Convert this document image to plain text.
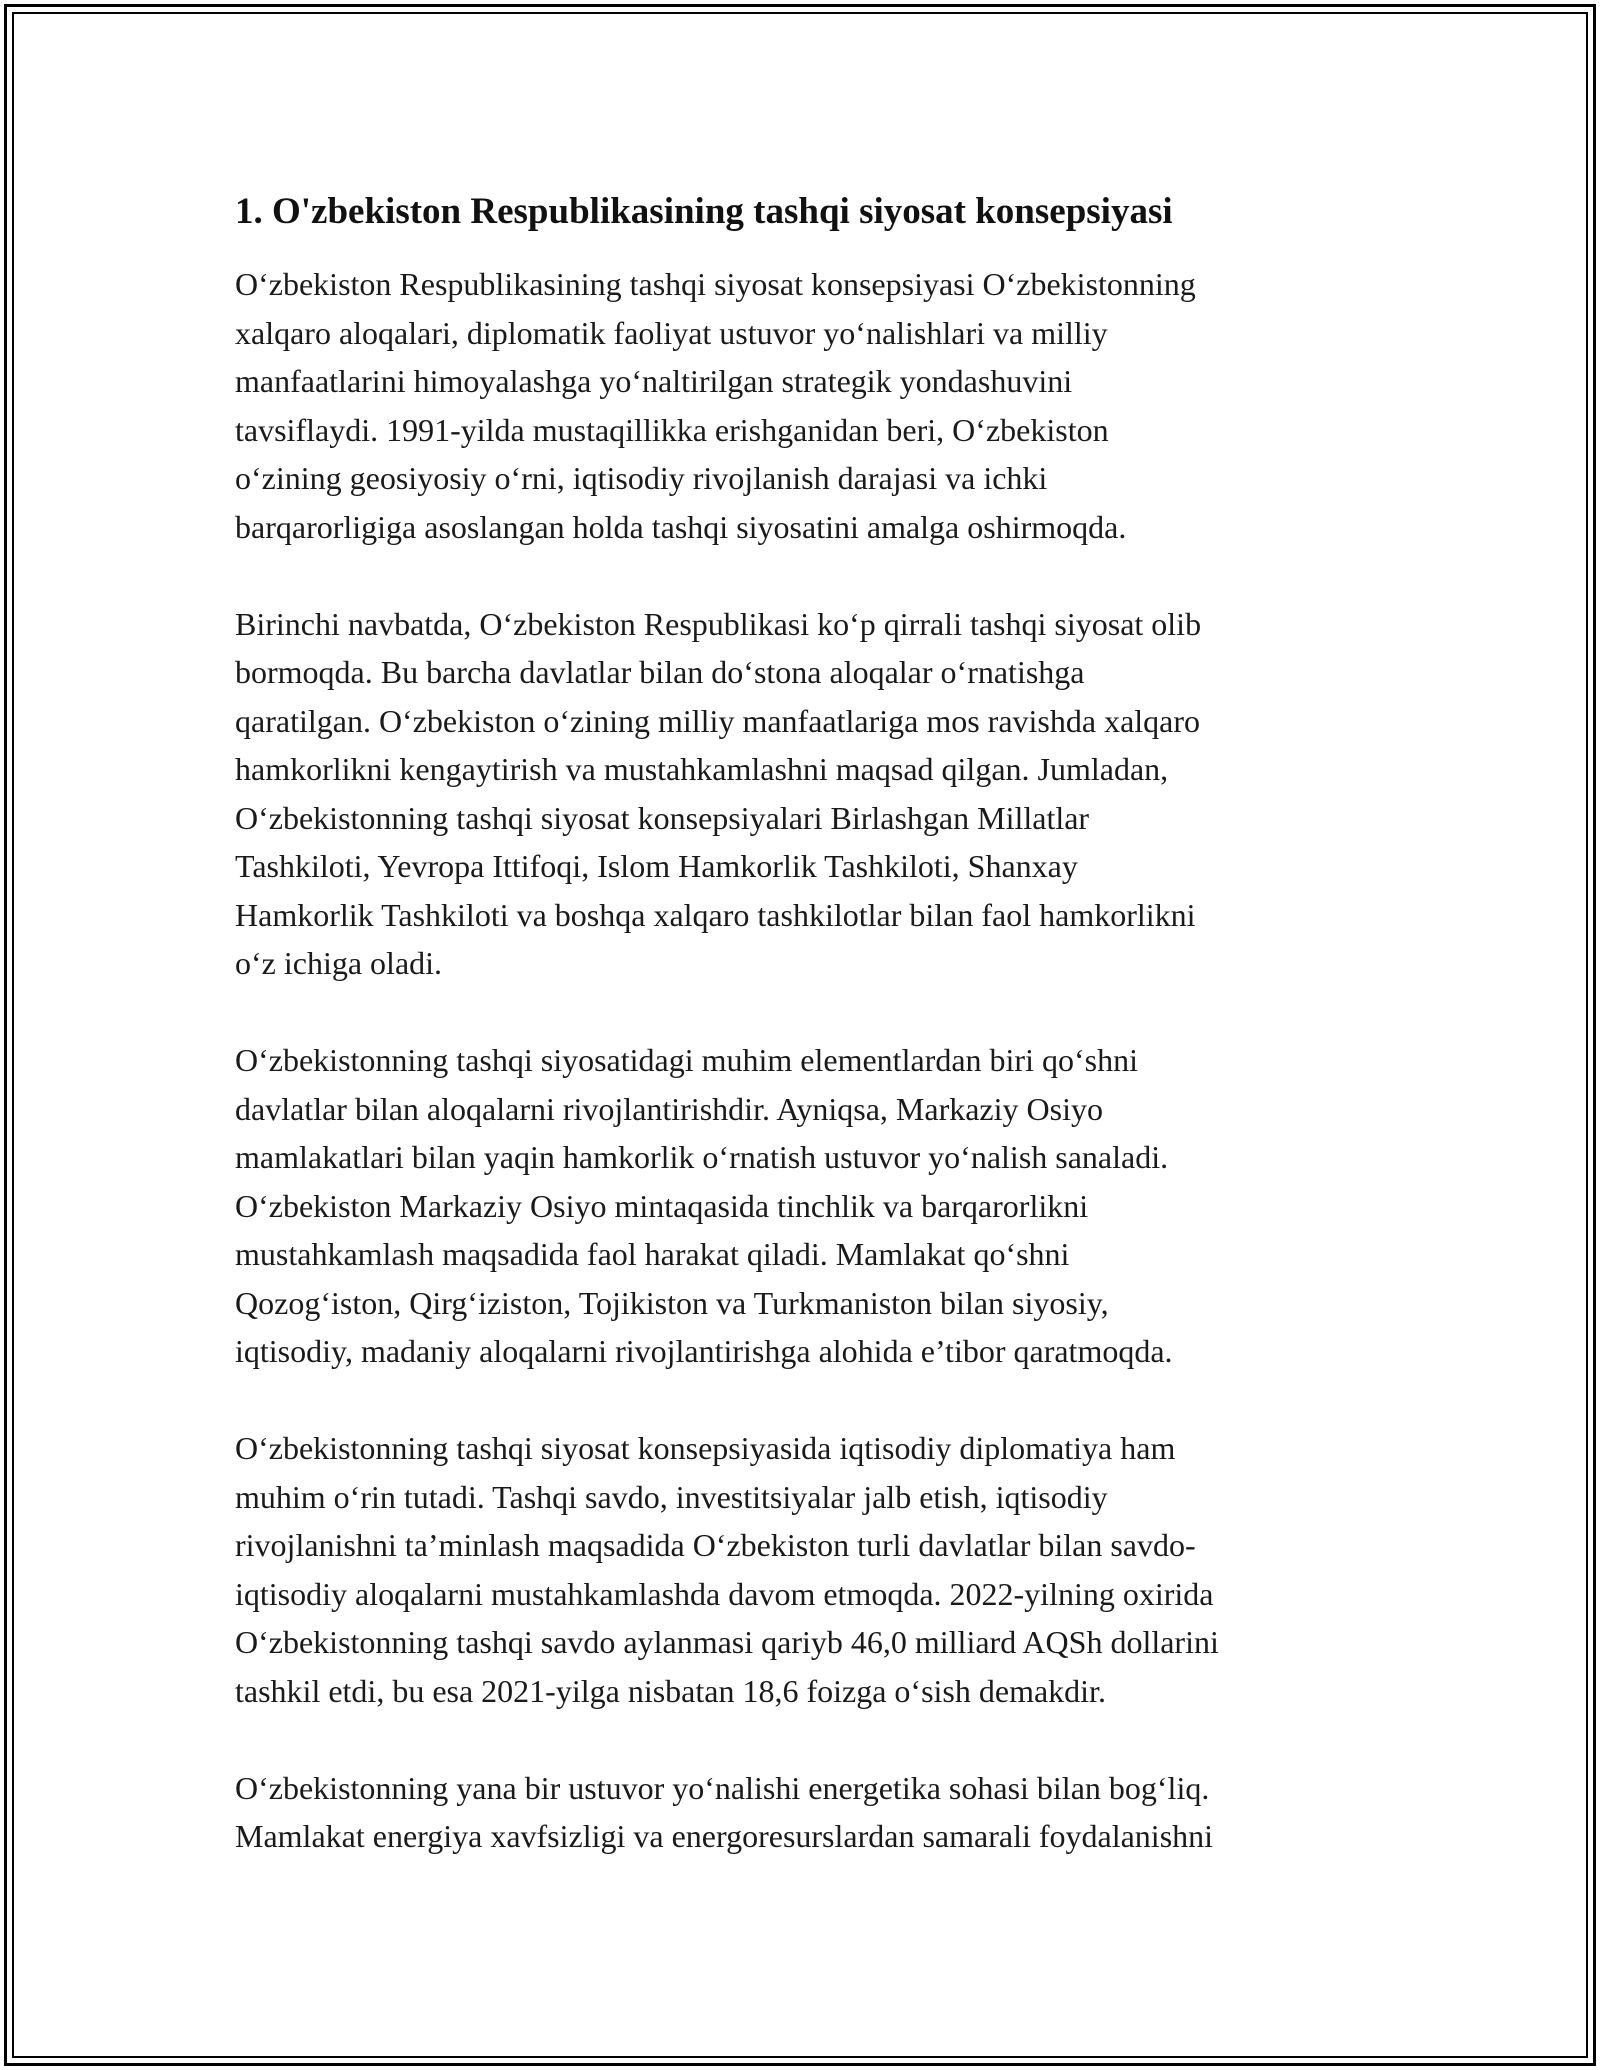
1. O'zbekiston Respublikasining tashqi siyosat konsepsiyasi

O‘zbekiston Respublikasining tashqi siyosat konsepsiyasi O‘zbekistonning
xalqaro aloqalari, diplomatik faoliyat ustuvor yo‘nalishlari va milliy
manfaatlarini himoyalashga yo‘naltirilgan strategik yondashuvini
tavsiflaydi. 1991-yilda mustaqillikka erishganidan beri, O‘zbekiston
o‘zining geosiyosiy o‘rni, iqtisodiy rivojlanish darajasi va ichki
barqarorligiga asoslangan holda tashqi siyosatini amalga oshirmoqda.

Birinchi navbatda, O‘zbekiston Respublikasi ko‘p qirrali tashqi siyosat olib
bormoqda. Bu barcha davlatlar bilan do‘stona aloqalar o‘rnatishga
qaratilgan. O‘zbekiston o‘zining milliy manfaatlariga mos ravishda xalqaro
hamkorlikni kengaytirish va mustahkamlashni maqsad qilgan. Jumladan,
O‘zbekistonning tashqi siyosat konsepsiyalari Birlashgan Millatlar
Tashkiloti, Yevropa Ittifoqi, Islom Hamkorlik Tashkiloti, Shanxay
Hamkorlik Tashkiloti va boshqa xalqaro tashkilotlar bilan faol hamkorlikni
o‘z ichiga oladi.

O‘zbekistonning tashqi siyosatidagi muhim elementlardan biri qo‘shni
davlatlar bilan aloqalarni rivojlantirishdir. Ayniqsa, Markaziy Osiyo
mamlakatlari bilan yaqin hamkorlik o‘rnatish ustuvor yo‘nalish sanaladi.
O‘zbekiston Markaziy Osiyo mintaqasida tinchlik va barqarorlikni
mustahkamlash maqsadida faol harakat qiladi. Mamlakat qo‘shni
Qozog‘iston, Qirg‘iziston, Tojikiston va Turkmaniston bilan siyosiy,
iqtisodiy, madaniy aloqalarni rivojlantirishga alohida e’tibor qaratmoqda.

O‘zbekistonning tashqi siyosat konsepsiyasida iqtisodiy diplomatiya ham
muhim o‘rin tutadi. Tashqi savdo, investitsiyalar jalb etish, iqtisodiy
rivojlanishni ta’minlash maqsadida O‘zbekiston turli davlatlar bilan savdo-
iqtisodiy aloqalarni mustahkamlashda davom etmoqda. 2022-yilning oxirida
O‘zbekistonning tashqi savdo aylanmasi qariyb 46,0 milliard AQSh dollarini
tashkil etdi, bu esa 2021-yilga nisbatan 18,6 foizga o‘sish demakdir.

O‘zbekistonning yana bir ustuvor yo‘nalishi energetika sohasi bilan bog‘liq.
Mamlakat energiya xavfsizligi va energoresurslardan samarali foydalanishni
